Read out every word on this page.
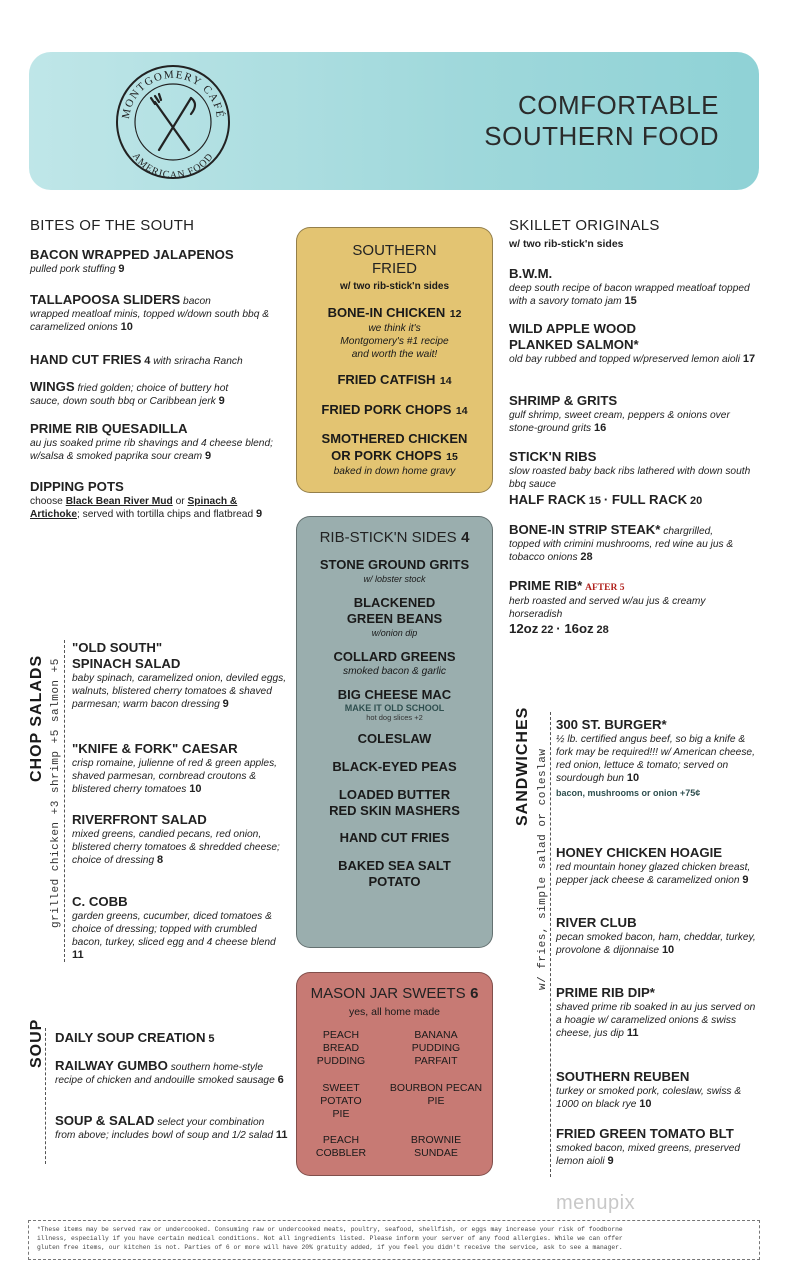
MONTGOMERY CAFÉ
AMERICAN FOOD
COMFORTABLE
SOUTHERN FOOD
BITES OF THE SOUTH
BACON WRAPPED JALAPENOS
pulled pork stuffing 9
TALLAPOOSA SLIDERS bacon
wrapped meatloaf minis, topped w/down south bbq & caramelized onions 10
HAND CUT FRIES 4 with sriracha Ranch
WINGS fried golden; choice of buttery hot
sauce, down south bbq or Caribbean jerk 9
PRIME RIB QUESADILLA
au jus soaked prime rib shavings and 4 cheese blend; w/salsa & smoked paprika sour cream 9
DIPPING POTS
choose Black Bean River Mud or Spinach & Artichoke; served with tortilla chips and flatbread 9
CHOP SALADS grilled chicken +3 shrimp +5 salmon +5
"OLD SOUTH"
SPINACH SALAD
baby spinach, caramelized onion, deviled eggs, walnuts, blistered cherry tomatoes & shaved parmesan; warm bacon dressing 9
"KNIFE & FORK" CAESAR
crisp romaine, julienne of red & green apples, shaved parmesan, cornbread croutons & blistered cherry tomatoes 10
RIVERFRONT SALAD
mixed greens, candied pecans, red onion, blistered cherry tomatoes & shredded cheese; choice of dressing 8
C. COBB
garden greens, cucumber, diced tomatoes & choice of dressing; topped with crumbled bacon, turkey, sliced egg and 4 cheese blend 11
SOUP DAILY SOUP CREATION 5
RAILWAY GUMBO southern home-style
recipe of chicken and andouille smoked sausage 6
SOUP & SALAD select your combination
from above; includes bowl of soup and 1/2 salad 11
SOUTHERN
FRIED
w/ two rib-stick'n sides
BONE-IN CHICKEN 12
we think it's
Montgomery's #1 recipe
and worth the wait!
FRIED CATFISH 14
FRIED PORK CHOPS 14
SMOTHERED CHICKEN
OR PORK CHOPS 15
baked in down home gravy
RIB-STICK'N SIDES 4
STONE GROUND GRITS
w/ lobster stock
BLACKENED
GREEN BEANS
w/onion dip
COLLARD GREENS
smoked bacon & garlic
BIG CHEESE MAC
MAKE IT OLD SCHOOL
hot dog slices +2
COLESLAW
BLACK-EYED PEAS
LOADED BUTTER
RED SKIN MASHERS
HAND CUT FRIES
BAKED SEA SALT
POTATO
MASON JAR SWEETS 6
yes, all home made
PEACH
BREAD
PUDDING
BANANA
PUDDING
PARFAIT
SWEET
POTATO
PIE
BOURBON PECAN
PIE
PEACH
COBBLER
BROWNIE
SUNDAE
SKILLET ORIGINALS
w/ two rib-stick'n sides
B.W.M.
deep south recipe of bacon wrapped meatloaf topped with a savory tomato jam 15
WILD APPLE WOOD
PLANKED SALMON*
old bay rubbed and topped w/preserved lemon aioli 17
SHRIMP & GRITS
gulf shrimp, sweet cream, peppers & onions over stone-ground grits 16
STICK'N RIBS
slow roasted baby back ribs lathered with down south bbq sauce
HALF RACK 15 · FULL RACK 20
BONE-IN STRIP STEAK* chargrilled,
topped with crimini mushrooms, red wine au jus & tobacco onions 28
PRIME RIB* AFTER 5
herb roasted and served w/au jus & creamy horseradish
12oz 22 · 16oz 28
SANDWICHES w/ fries, simple salad or coleslaw
300 ST. BURGER*
½ lb. certified angus beef, so big a knife & fork may be required!!! w/ American cheese, red onion, lettuce & tomato; served on sourdough bun 10
bacon, mushrooms or onion +75¢
HONEY CHICKEN HOAGIE
red mountain honey glazed chicken breast, pepper jack cheese & caramelized onion 9
RIVER CLUB
pecan smoked bacon, ham, cheddar, turkey, provolone & dijonnaise 10
PRIME RIB DIP*
shaved prime rib soaked in au jus served on a hoagie w/ caramelized onions & swiss cheese, jus dip 11
SOUTHERN REUBEN
turkey or smoked pork, coleslaw, swiss & 1000 on black rye 10
FRIED GREEN TOMATO BLT
smoked bacon, mixed greens, preserved lemon aioli 9
menupix
*These items may be served raw or undercooked. Consuming raw or undercooked meats, poultry, seafood, shellfish, or eggs may increase your risk of foodborne
illness, especially if you have certain medical conditions. Not all ingredients listed. Please inform your server of any food allergies. While we can offer
gluten free items, our kitchen is not. Parties of 6 or more will have 20% gratuity added, if you feel you didn't receive the service, ask to see a manager.
